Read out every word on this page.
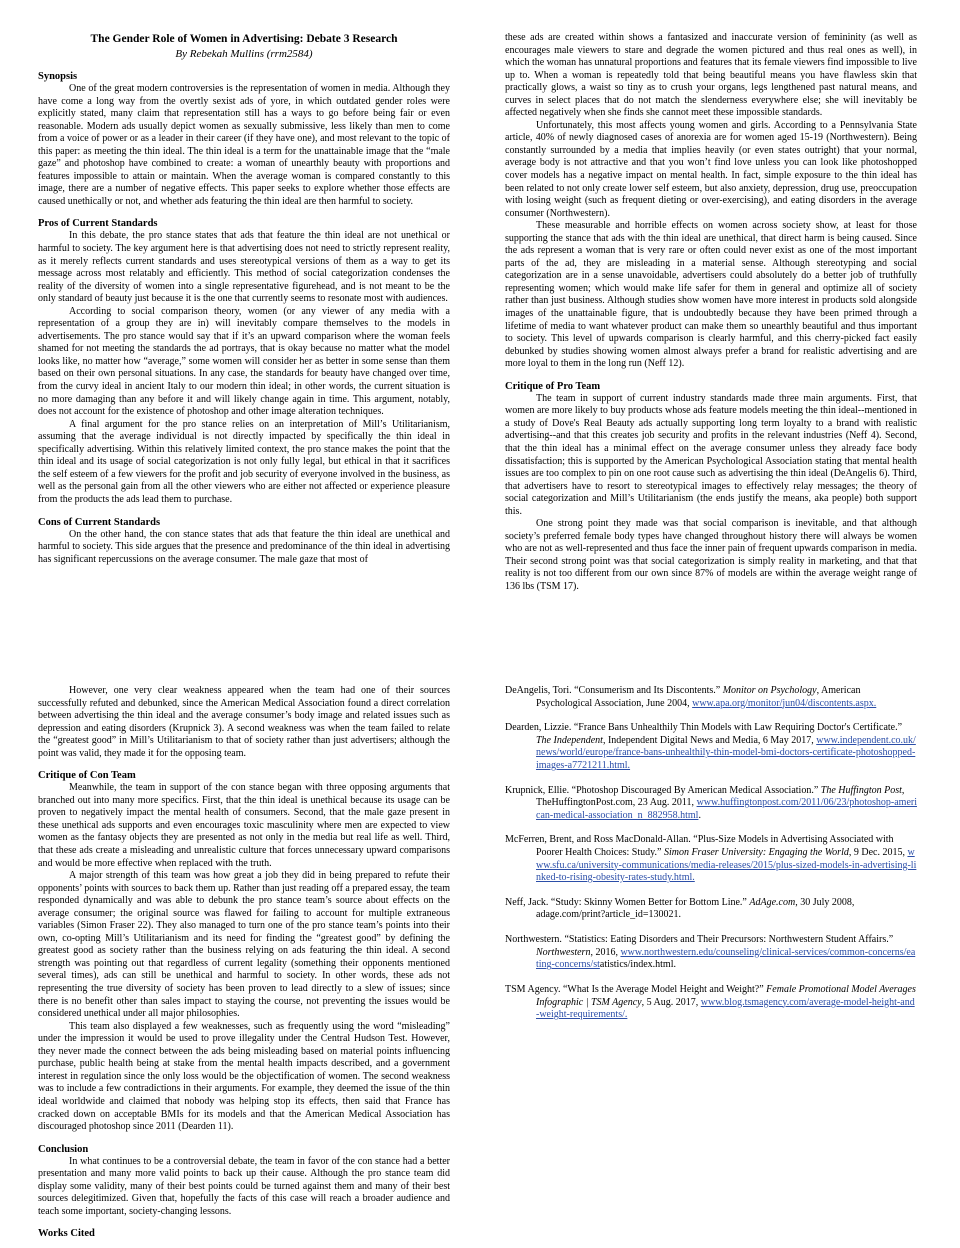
The Gender Role of Women in Advertising: Debate 3 Research
By Rebekah Mullins (rrm2584)
Synopsis

One of the great modern controversies is the representation of women in media. Although they have come a long way from the overtly sexist ads of yore, in which outdated gender roles were explicitly stated, many claim that representation still has a ways to go before being fair or even reasonable. Modern ads usually depict women as sexually submissive, less likely than men to come from a voice of power or as a leader in their career (if they have one), and most relevant to the topic of this paper: as meeting the thin ideal. The thin ideal is a term for the unattainable image that the “male gaze” and photoshop have combined to create: a woman of unearthly beauty with proportions and features impossible to attain or maintain. When the average woman is compared constantly to this image, there are a number of negative effects. This paper seeks to explore whether those effects are caused unethically or not, and whether ads featuring the thin ideal are then harmful to society.

Pros of Current Standards

In this debate, the pro stance states that ads that feature the thin ideal are not unethical or harmful to society. The key argument here is that advertising does not need to strictly represent reality, as it merely reflects current standards and uses stereotypical versions of them as a way to get its message across most relatably and efficiently. This method of social categorization condenses the reality of the diversity of women into a single representative figurehead, and is not meant to be the only standard of beauty just because it is the one that currently seems to resonate most with audiences.

According to social comparison theory, women (or any viewer of any media with a representation of a group they are in) will inevitably compare themselves to the models in advertisements. The pro stance would say that if it’s an upward comparison where the woman feels shamed for not meeting the standards the ad portrays, that is okay because no matter what the model looks like, no matter how “average,” some women will consider her as better in some sense than them based on their own personal situations. In any case, the standards for beauty have changed over time, from the curvy ideal in ancient Italy to our modern thin ideal; in other words, the current situation is no more damaging than any before it and will likely change again in time. This argument, notably, does not account for the existence of photoshop and other image alteration techniques.

A final argument for the pro stance relies on an interpretation of Mill’s Utilitarianism, assuming that the average individual is not directly impacted by specifically the thin ideal in specifically advertising. Within this relatively limited context, the pro stance makes the point that the thin ideal and its usage of social categorization is not only fully legal, but ethical in that it sacrifices the self esteem of a few viewers for the profit and job security of everyone involved in the business, as well as the personal gain from all the other viewers who are either not affected or experience pleasure from the products the ads lead them to purchase.

Cons of Current Standards

On the other hand, the con stance states that ads that feature the thin ideal are unethical and harmful to society. This side argues that the presence and predominance of the thin ideal in advertising has significant repercussions on the average consumer. The male gaze that most of

these ads are created within shows a fantasized and inaccurate version of femininity (as well as encourages male viewers to stare and degrade the women pictured and thus real ones as well), in which the woman has unnatural proportions and features that its female viewers find impossible to live up to. When a woman is repeatedly told that being beautiful means you have flawless skin that practically glows, a waist so tiny as to crush your organs, legs lengthened past natural means, and curves in select places that do not match the slenderness everywhere else; she will inevitably be affected negatively when she finds she cannot meet these impossible standards.

Unfortunately, this most affects young women and girls. According to a Pennsylvania State article, 40% of newly diagnosed cases of anorexia are for women aged 15-19 (Northwestern). Being constantly surrounded by a media that implies heavily (or even states outright) that your normal, average body is not attractive and that you won’t find love unless you can look like photoshopped cover models has a negative impact on mental health. In fact, simple exposure to the thin ideal has been related to not only create lower self esteem, but also anxiety, depression, drug use, preoccupation with losing weight (such as frequent dieting or over-exercising), and eating disorders in the average consumer (Northwestern).

These measurable and horrible effects on women across society show, at least for those supporting the stance that ads with the thin ideal are unethical, that direct harm is being caused. Since the ads represent a woman that is very rare or often could never exist as one of the most important parts of the ad, they are misleading in a material sense. Although stereotyping and social categorization are in a sense unavoidable, advertisers could absolutely do a better job of truthfully representing women; which would make life safer for them in general and optimize all of society rather than just business. Although studies show women have more interest in products sold alongside images of the unattainable figure, that is undoubtedly because they have been primed through a lifetime of media to want whatever product can make them so unearthly beautiful and thus important to society. This level of upwards comparison is clearly harmful, and this cherry-picked fact easily debunked by studies showing women almost always prefer a brand for realistic advertising and are more loyal to them in the long run (Neff 12).

Critique of Pro Team

The team in support of current industry standards made three main arguments. First, that women are more likely to buy products whose ads feature models meeting the thin ideal--mentioned in a study of Dove's Real Beauty ads actually supporting long term loyalty to a brand with realistic advertising--and that this creates job security and profits in the relevant industries (Neff 4). Second, that the thin ideal has a minimal effect on the average consumer unless they already face body dissatisfaction; this is supported by the American Psychological Association stating that mental health issues are too complex to pin on one root cause such as advertising the thin ideal (DeAngelis 6). Third, that advertisers have to resort to stereotypical images to effectively relay messages; the theory of social categorization and Mill’s Utilitarianism (the ends justify the means, aka people) both support this.

One strong point they made was that social comparison is inevitable, and that although society’s preferred female body types have changed throughout history there will always be women who are not as well-represented and thus face the inner pain of frequent upwards comparison in media. Their second strong point was that social categorization is simply reality in marketing, and that that reality is not too different from our own since 87% of models are within the average weight range of 136 lbs (TSM 17).

However, one very clear weakness appeared when the team had one of their sources successfully refuted and debunked, since the American Medical Association found a direct correlation between advertising the thin ideal and the average consumer’s body image and related issues such as depression and eating disorders (Krupnick 3). A second weakness was when the team failed to relate the “greatest good” in Mill’s Utilitarianism to that of society rather than just advertisers; although the point was valid, they made it for the opposing team.

Critique of Con Team

Meanwhile, the team in support of the con stance began with three opposing arguments that branched out into many more specifics. First, that the thin ideal is unethical because its usage can be proven to negatively impact the mental health of consumers. Second, that the male gaze present in these unethical ads supports and even encourages toxic masculinity where men are expected to view women as the fantasy objects they are presented as not only in the media but real life as well. Third, that these ads create a misleading and unrealistic culture that forces unnecessary upward comparisons and would be more effective when replaced with the truth.

A major strength of this team was how great a job they did in being prepared to refute their opponents’ points with sources to back them up. Rather than just reading off a prepared essay, the team responded dynamically and was able to debunk the pro stance team’s source about effects on the average consumer; the original source was flawed for failing to account for multiple extraneous variables (Simon Fraser 22). They also managed to turn one of the pro stance team’s points into their own, co-opting Mill’s Utilitarianism and its need for finding the “greatest good” by defining the greatest good as society rather than the business relying on ads featuring the thin ideal. A second strength was pointing out that regardless of current legality (something their opponents mentioned several times), ads can still be unethical and harmful to society. In other words, these ads not representing the true diversity of society has been proven to lead directly to a slew of issues; since there is no benefit other than sales impact to staying the course, not preventing the issues would be considered unethical under all major philosophies.

This team also displayed a few weaknesses, such as frequently using the word “misleading” under the impression it would be used to prove illegality under the Central Hudson Test. However, they never made the connect between the ads being misleading based on material points influencing purchase, public health being at stake from the mental health impacts described, and a government interest in regulation since the only loss would be the objectification of women. The second weakness was to include a few contradictions in their arguments. For example, they deemed the issue of the thin ideal worldwide and claimed that nobody was helping stop its effects, then said that France has cracked down on acceptable BMIs for its models and that the American Medical Association has discouraged photoshop since 2011 (Dearden 11).

Conclusion

In what continues to be a controversial debate, the team in favor of the con stance had a better presentation and many more valid points to back up their cause. Although the pro stance team did display some validity, many of their best points could be turned against them and many of their best sources delegitimized. Given that, hopefully the facts of this case will reach a broader audience and teach some important, society-changing lessons.

Works Cited

DeAngelis, Tori. “Consumerism and Its Discontents.” Monitor on Psychology, American Psychological Association, June 2004, www.apa.org/monitor/jun04/discontents.aspx.

Dearden, Lizzie. “France Bans Unhealthily Thin Models with Law Requiring Doctor's Certificate.” The Independent, Independent Digital News and Media, 6 May 2017, www.independent.co.uk/news/world/europe/france-bans-unhealthily-thin-model-bmi-doctors-certificate-photoshopped-images-a7721211.html.

Krupnick, Ellie. “Photoshop Discouraged By American Medical Association.” The Huffington Post, TheHuffingtonPost.com, 23 Aug. 2011, www.huffingtonpost.com/2011/06/23/photoshop-american-medical-association_n_882958.html.

McFerren, Brent, and Ross MacDonald-Allan. “Plus-Size Models in Advertising Associated with Poorer Health Choices: Study.” Simon Fraser University: Engaging the World, 9 Dec. 2015, www.sfu.ca/university-communications/media-releases/2015/plus-sized-models-in-advertising-linked-to-rising-obesity-rates-study.html.

Neff, Jack. “Study: Skinny Women Better for Bottom Line.” AdAge.com, 30 July 2008, adage.com/print?article_id=130021.

Northwestern. “Statistics: Eating Disorders and Their Precursors: Northwestern Student Affairs.” Northwestern, 2016, www.northwestern.edu/counseling/clinical-services/common-concerns/eating-concerns/statistics/index.html.

TSM Agency. “What Is the Average Model Height and Weight?” Female Promotional Model Averages Infographic | TSM Agency, 5 Aug. 2017, www.blog.tsmagency.com/average-model-height-and-weight-requirements/.
